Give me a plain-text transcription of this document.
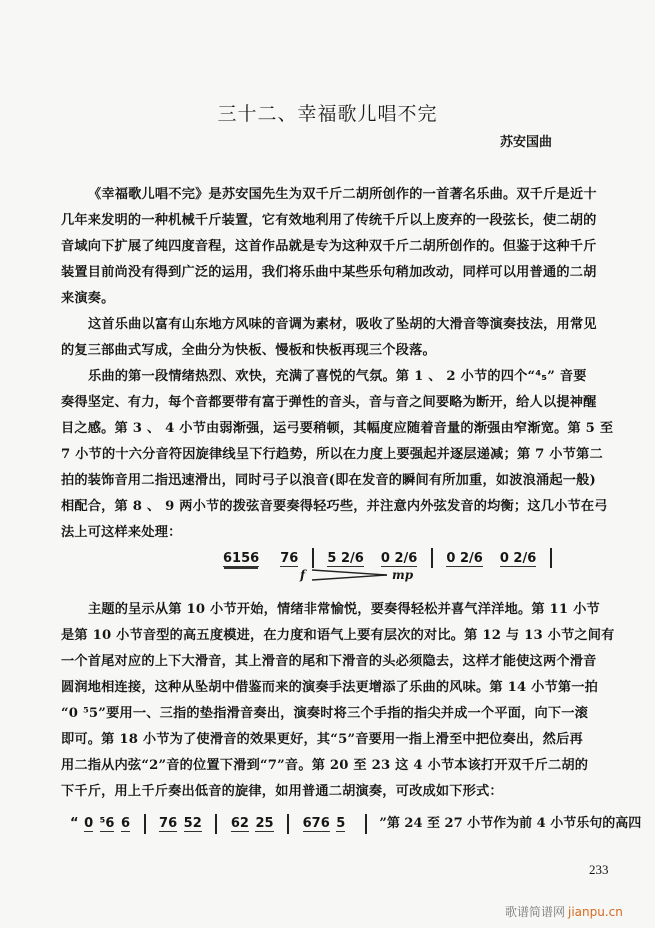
三十二、幸福歌儿唱不完
苏安国曲
《幸福歌儿唱不完》是苏安国先生为双千斤二胡所创作的一首著名乐曲。双千斤是近十
几年来发明的一种机械千斤装置，它有效地利用了传统千斤以上废弃的一段弦长，使二胡的
音域向下扩展了纯四度音程，这首作品就是专为这种双千斤二胡所创作的。但鉴于这种千斤
装置目前尚没有得到广泛的运用，我们将乐曲中某些乐句稍加改动，同样可以用普通的二胡
来演奏。
这首乐曲以富有山东地方风味的音调为素材，吸收了坠胡的大滑音等演奏技法，用常见
的复三部曲式写成，全曲分为快板、慢板和快板再现三个段落。
乐曲的第一段情绪热烈、欢快，充满了喜悦的气氛。第 1 、 2 小节的四个“⁴₅” 音要
奏得坚定、有力，每个音都要带有富于弹性的音头，音与音之间要略为断开，给人以提神醒
目之感。第 3 、 4 小节由弱渐强，运弓要稍顿，其幅度应随着音量的渐强由窄渐宽。第 5 至
7 小节的十六分音符因旋律线呈下行趋势，所以在力度上要强起并逐层递减；第 7 小节第二
拍的装饰音用二指迅速滑出，同时弓子以浪音(即在发音的瞬间有所加重，如波浪涌起一般)
相配合，第 8 、 9 两小节的拨弦音要奏得轻巧些，并注意内外弦发音的均衡；这几小节在弓
法上可这样来处理：
6156 76 5 2/6 0 2/6 0 2/6 0 2/6
f	mp
主题的呈示从第 10 小节开始，情绪非常愉悦，要奏得轻松并喜气洋洋地。第 11 小节
是第 10 小节音型的高五度模进，在力度和语气上要有层次的对比。第 12 与 13 小节之间有
一个首尾对应的上下大滑音，其上滑音的尾和下滑音的头必须隐去，这样才能使这两个滑音
圆润地相连接，这种从坠胡中借鉴而来的演奏手法更增添了乐曲的风味。第 14 小节第一拍
“0 ⁵5”要用一、三指的垫指滑音奏出，演奏时将三个手指的指尖并成一个平面，向下一滚
即可。第 18 小节为了使滑音的效果更好，其“5”音要用一指上滑至中把位奏出，然后再
用二指从内弦“2”音的位置下滑到“7”音。第 20 至 23 这 4 小节本该打开双千斤二胡的
下千斤，用上千斤奏出低音的旋律，如用普通二胡演奏，可改成如下形式：
“ 0 ⁵6 6 76 52 62 25 676 5	”第 24 至 27 小节作为前 4 小节乐句的高四
233
歌谱简谱网 jianpu.cn
